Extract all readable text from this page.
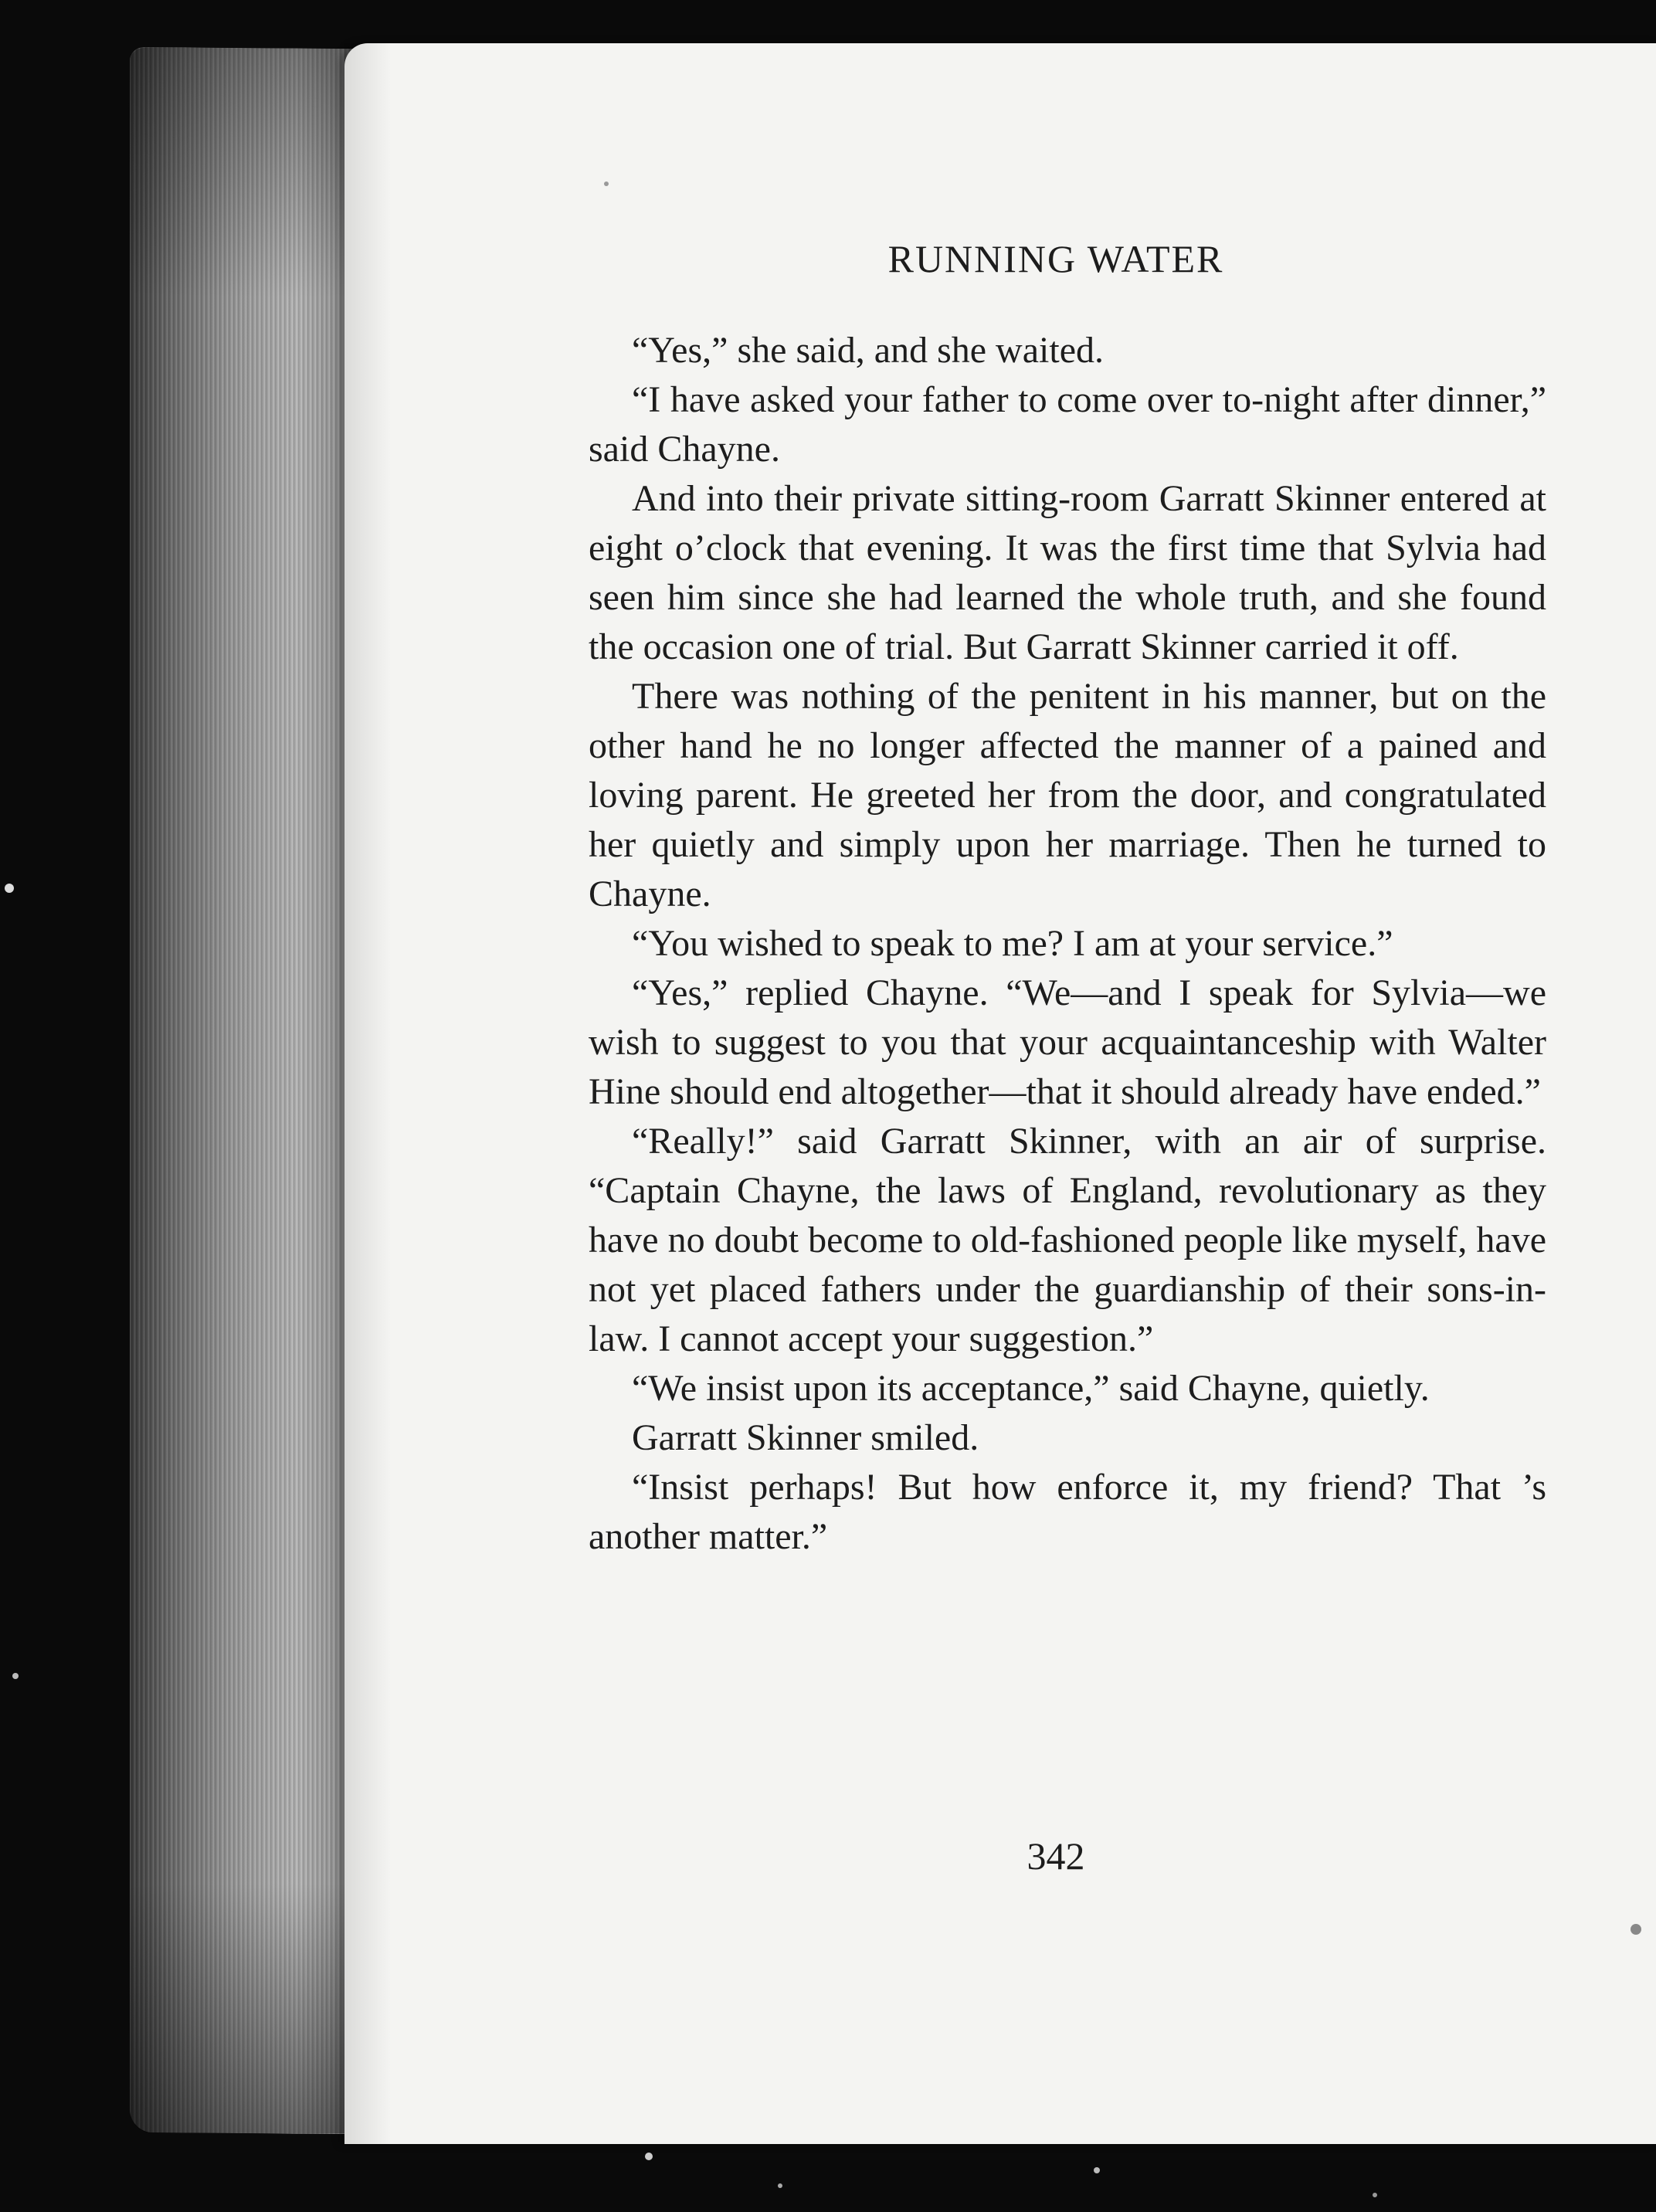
RUNNING WATER

“Yes,” she said, and she waited.

“I have asked your father to come over to-night after dinner,” said Chayne.

And into their private sitting-room Garratt Skinner entered at eight o’clock that evening. It was the first time that Sylvia had seen him since she had learned the whole truth, and she found the occasion one of trial. But Garratt Skinner carried it off.

There was nothing of the penitent in his manner, but on the other hand he no longer affected the manner of a pained and loving parent. He greeted her from the door, and congratulated her quietly and simply upon her marriage. Then he turned to Chayne.

“You wished to speak to me? I am at your service.”

“Yes,” replied Chayne. “We—and I speak for Sylvia—we wish to suggest to you that your acquaintanceship with Walter Hine should end altogether—that it should already have ended.”

“Really!” said Garratt Skinner, with an air of surprise. “Captain Chayne, the laws of England, revolutionary as they have no doubt become to old-fashioned people like myself, have not yet placed fathers under the guardianship of their sons-in-law. I cannot accept your suggestion.”

“We insist upon its acceptance,” said Chayne, quietly.

Garratt Skinner smiled.

“Insist perhaps! But how enforce it, my friend? That ’s another matter.”

342
